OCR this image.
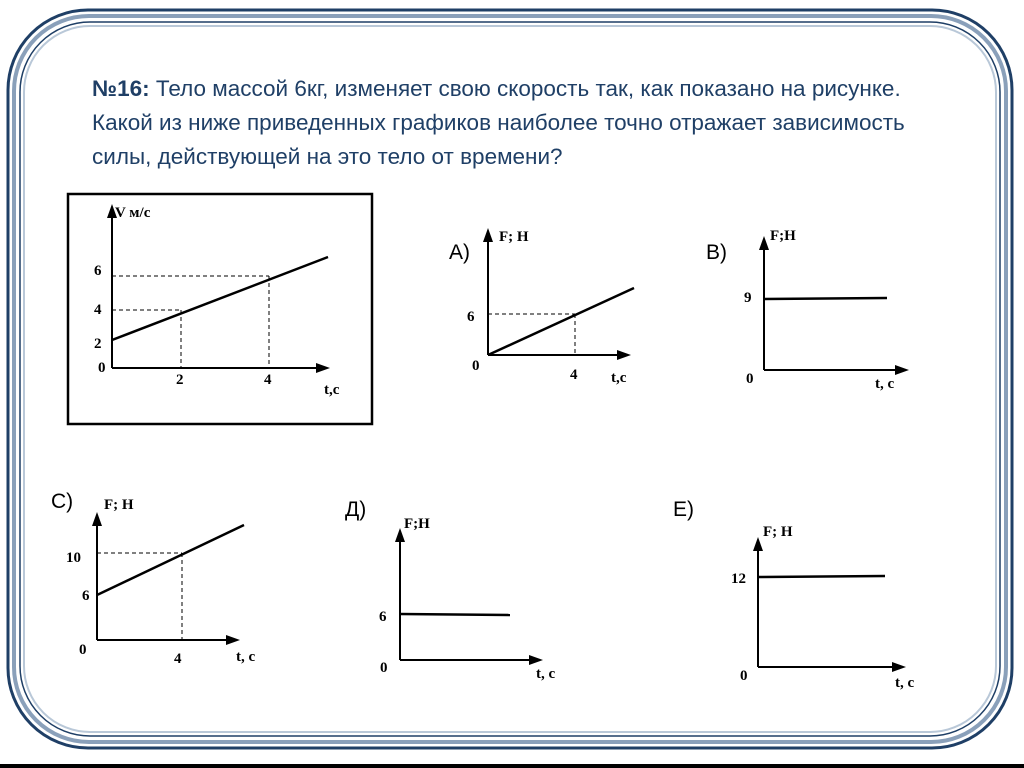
№16: Тело массой 6кг, изменяет свою скорость так, как показано на рисунке. Какой из ниже приведенных графиков наиболее точно отражает зависимость силы, действующей на это тело от времени?
V м/с
6
4
2
0
2	4
t,с
А)
F; Н
6
0
4 t,с
В)
F;Н
9
0	t, с
С) F; Н
10
6
0
4	t, с
Д)
F;Н
6
0	t, с
Е)
F; Н
12
0	t, с
